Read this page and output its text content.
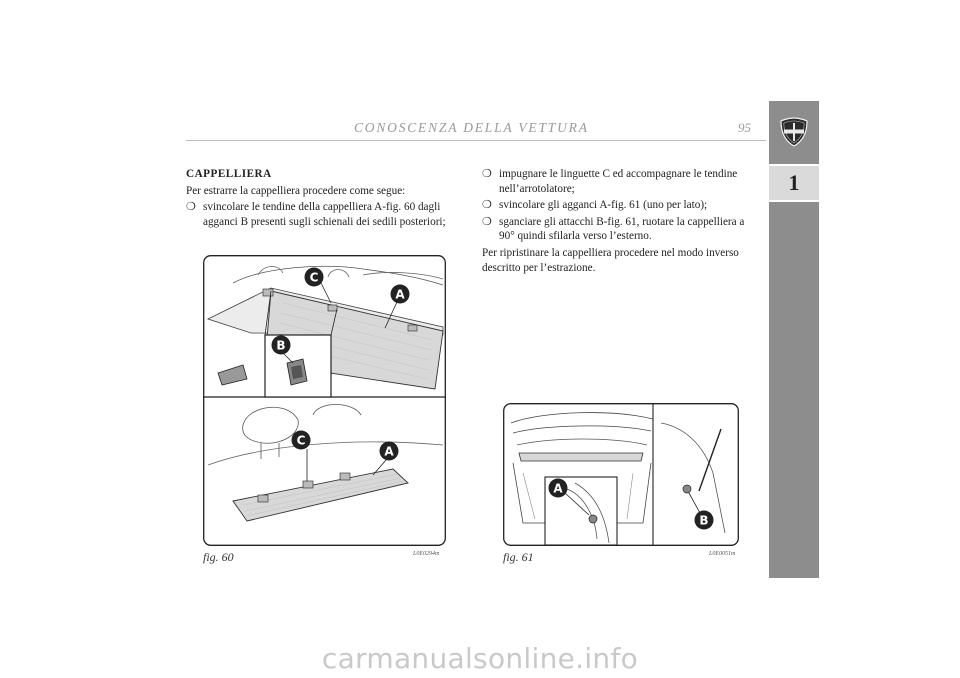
CONOSCENZA DELLA VETTURA	95
1
CAPPELLIERA
Per estrarre la cappelliera procedere come segue:
❍ svincolare le tendine della cappelliera A-fig. 60 dagli agganci B presenti sugli schienali dei sedili posteriori;
❍ impugnare le linguette C ed accompagnare le tendine nell’arrotolatore;
❍ svincolare gli agganci A-fig. 61 (uno per lato);
❍ sganciare gli attacchi B-fig. 61, ruotare la cappelliera a 90° quindi sfilarla verso l’esterno.
Per ripristinare la cappelliera procedere nel modo inverso descritto per l’estrazione.
C
A
B
C
A
fig. 60	L0E0294m
A
B
fig. 61	L0E0051m
carmanualsonline.info
